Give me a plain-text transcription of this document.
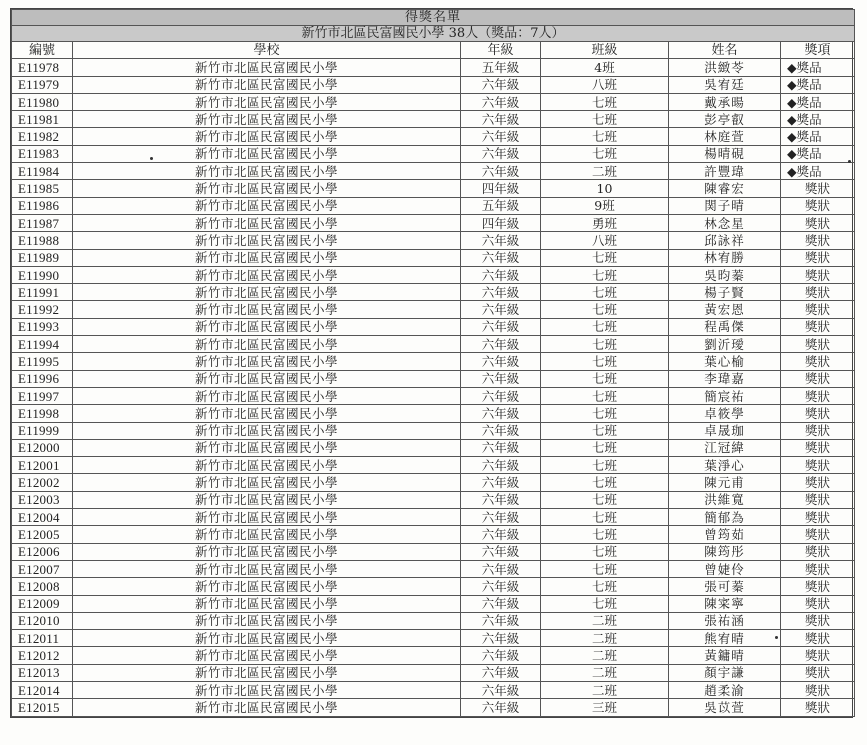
得獎名單					
新竹市北區民富國民小學 38人（獎品：7人）					
編號	學校	年級	班級	姓名	獎項
E11978	新竹市北區民富國民小學	五年級	4班	洪緻苓	◆獎品
E11979	新竹市北區民富國民小學	六年級	八班	吳宥廷	◆獎品
E11980	新竹市北區民富國民小學	六年級	七班	戴承暘	◆獎品
E11981	新竹市北區民富國民小學	六年級	七班	彭亭叡	◆獎品
E11982	新竹市北區民富國民小學	六年級	七班	林庭萱	◆獎品
E11983	新竹市北區民富國民小學	六年級	七班	楊晴硯	◆獎品
E11984	新竹市北區民富國民小學	六年級	二班	許豐瑋	◆獎品
E11985	新竹市北區民富國民小學	四年級	10	陳睿宏	獎狀
E11986	新竹市北區民富國民小學	五年級	9班	関子晴	獎狀
E11987	新竹市北區民富國民小學	四年級	勇班	林念星	獎狀
E11988	新竹市北區民富國民小學	六年級	八班	邱詠祥	獎狀
E11989	新竹市北區民富國民小學	六年級	七班	林宥勝	獎狀
E11990	新竹市北區民富國民小學	六年級	七班	吳昀蓁	獎狀
E11991	新竹市北區民富國民小學	六年級	七班	楊子賢	獎狀
E11992	新竹市北區民富國民小學	六年級	七班	黃宏恩	獎狀
E11993	新竹市北區民富國民小學	六年級	七班	程禹傑	獎狀
E11994	新竹市北區民富國民小學	六年級	七班	劉沂璦	獎狀
E11995	新竹市北區民富國民小學	六年級	七班	葉心榆	獎狀
E11996	新竹市北區民富國民小學	六年級	七班	李瑋嘉	獎狀
E11997	新竹市北區民富國民小學	六年級	七班	簡宸祐	獎狀
E11998	新竹市北區民富國民小學	六年級	七班	卓筱學	獎狀
E11999	新竹市北區民富國民小學	六年級	七班	卓晟珈	獎狀
E12000	新竹市北區民富國民小學	六年級	七班	江冠緯	獎狀
E12001	新竹市北區民富國民小學	六年級	七班	葉淨心	獎狀
E12002	新竹市北區民富國民小學	六年級	七班	陳元甫	獎狀
E12003	新竹市北區民富國民小學	六年級	七班	洪維寬	獎狀
E12004	新竹市北區民富國民小學	六年級	七班	簡郁為	獎狀
E12005	新竹市北區民富國民小學	六年級	七班	曾筠茹	獎狀
E12006	新竹市北區民富國民小學	六年級	七班	陳筠彤	獎狀
E12007	新竹市北區民富國民小學	六年級	七班	曾婕伶	獎狀
E12008	新竹市北區民富國民小學	六年級	七班	張可蓁	獎狀
E12009	新竹市北區民富國民小學	六年級	七班	陳寀寧	獎狀
E12010	新竹市北區民富國民小學	六年級	二班	張祐涵	獎狀
E12011	新竹市北區民富國民小學	六年級	二班	熊宥晴	獎狀
E12012	新竹市北區民富國民小學	六年級	二班	黃鏞晴	獎狀
E12013	新竹市北區民富國民小學	六年級	二班	顏宇謙	獎狀
E12014	新竹市北區民富國民小學	六年級	二班	趙柔渝	獎狀
E12015	新竹市北區民富國民小學	六年級	三班	吳苡萱	獎狀
